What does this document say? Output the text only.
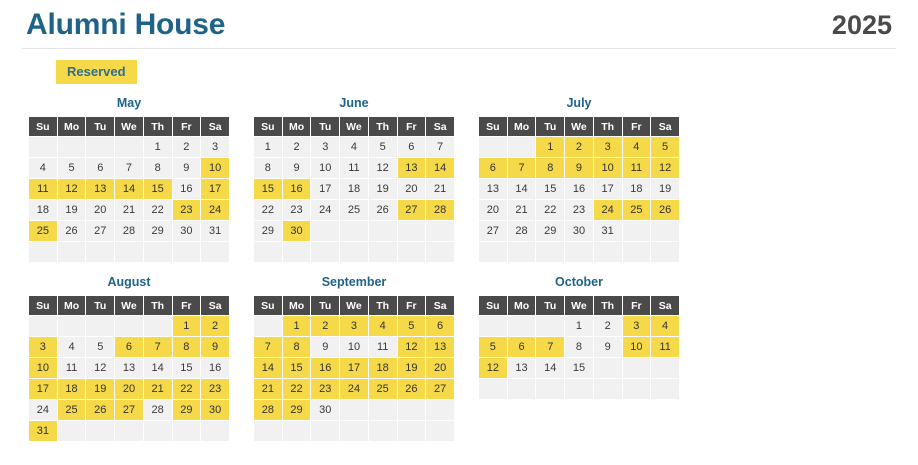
Alumni House	2025
Reserved
May
Su	Mo	Tu	We	Th	Fr	Sa
				1	2	3
4	5	6	7	8	9	10
11	12	13	14	15	16	17
18	19	20	21	22	23	24
25	26	27	28	29	30	31

June
Su	Mo	Tu	We	Th	Fr	Sa
1	2	3	4	5	6	7
8	9	10	11	12	13	14
15	16	17	18	19	20	21
22	23	24	25	26	27	28
29	30					

July
Su	Mo	Tu	We	Th	Fr	Sa
		1	2	3	4	5
6	7	8	9	10	11	12
13	14	15	16	17	18	19
20	21	22	23	24	25	26
27	28	29	30	31		

August
Su	Mo	Tu	We	Th	Fr	Sa
					1	2
3	4	5	6	7	8	9
10	11	12	13	14	15	16
17	18	19	20	21	22	23
24	25	26	27	28	29	30
31						
September
Su	Mo	Tu	We	Th	Fr	Sa
	1	2	3	4	5	6
7	8	9	10	11	12	13
14	15	16	17	18	19	20
21	22	23	24	25	26	27
28	29	30				

October
Su	Mo	Tu	We	Th	Fr	Sa
			1	2	3	4
5	6	7	8	9	10	11
12	13	14	15			
